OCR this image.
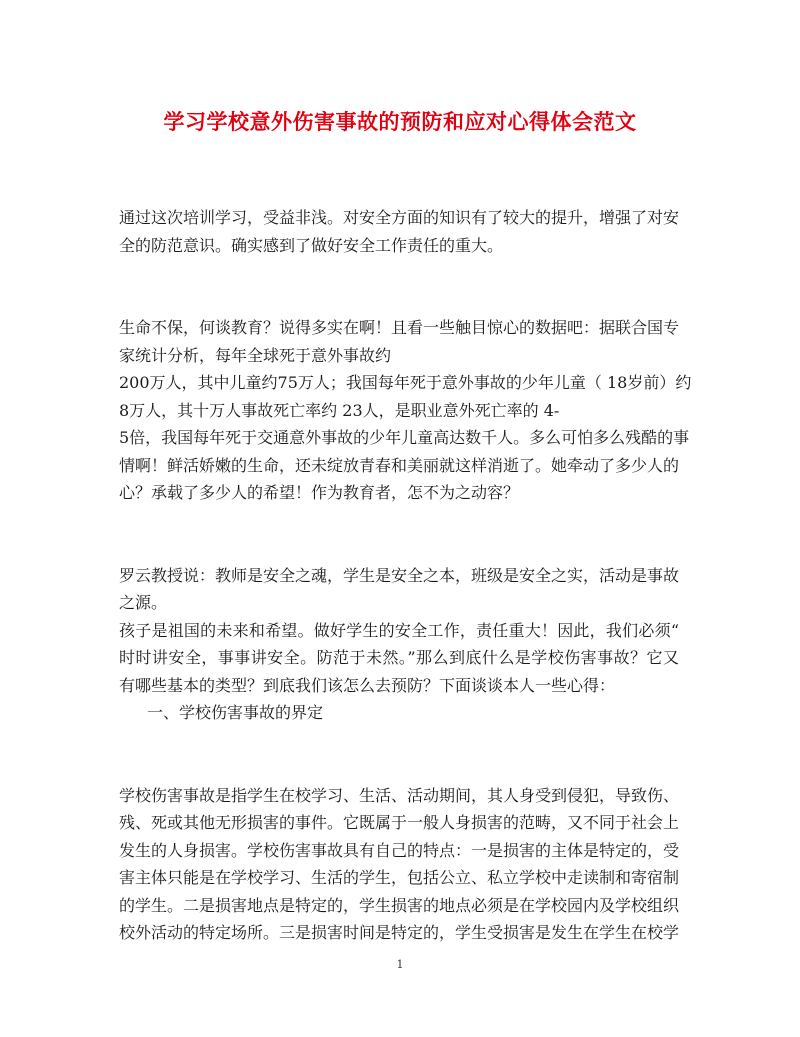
学习学校意外伤害事故的预防和应对心得体会范文
通过这次培训学习，受益非浅。对安全方面的知识有了较大的提升，增强了对安
全的防范意识。确实感到了做好安全工作责任的重大。
生命不保，何谈教育？说得多实在啊！且看一些触目惊心的数据吧：据联合国专
家统计分析，每年全球死于意外事故约
200万人，其中儿童约75万人；我国每年死于意外事故的少年儿童（ 18岁前）约
8万人，其十万人事故死亡率约 23人，是职业意外死亡率的 4-
5倍，我国每年死于交通意外事故的少年儿童高达数千人。多么可怕多么残酷的事
情啊！鲜活娇嫩的生命，还未绽放青春和美丽就这样消逝了。她牵动了多少人的
心？承载了多少人的希望！作为教育者，怎不为之动容？
罗云教授说：教师是安全之魂，学生是安全之本，班级是安全之实，活动是事故
之源。
孩子是祖国的未来和希望。做好学生的安全工作，责任重大！因此，我们必须“
时时讲安全，事事讲安全。防范于未然。”那么到底什么是学校伤害事故？它又
有哪些基本的类型？到底我们该怎么去预防？下面谈谈本人一些心得：
一、学校伤害事故的界定
学校伤害事故是指学生在校学习、生活、活动期间，其人身受到侵犯，导致伤、
残、死或其他无形损害的事件。它既属于一般人身损害的范畴，又不同于社会上
发生的人身损害。学校伤害事故具有自己的特点：一是损害的主体是特定的，受
害主体只能是在学校学习、生活的学生，包括公立、私立学校中走读制和寄宿制
的学生。二是损害地点是特定的，学生损害的地点必须是在学校园内及学校组织
校外活动的特定场所。三是损害时间是特定的，学生受损害是发生在学生在校学
1
